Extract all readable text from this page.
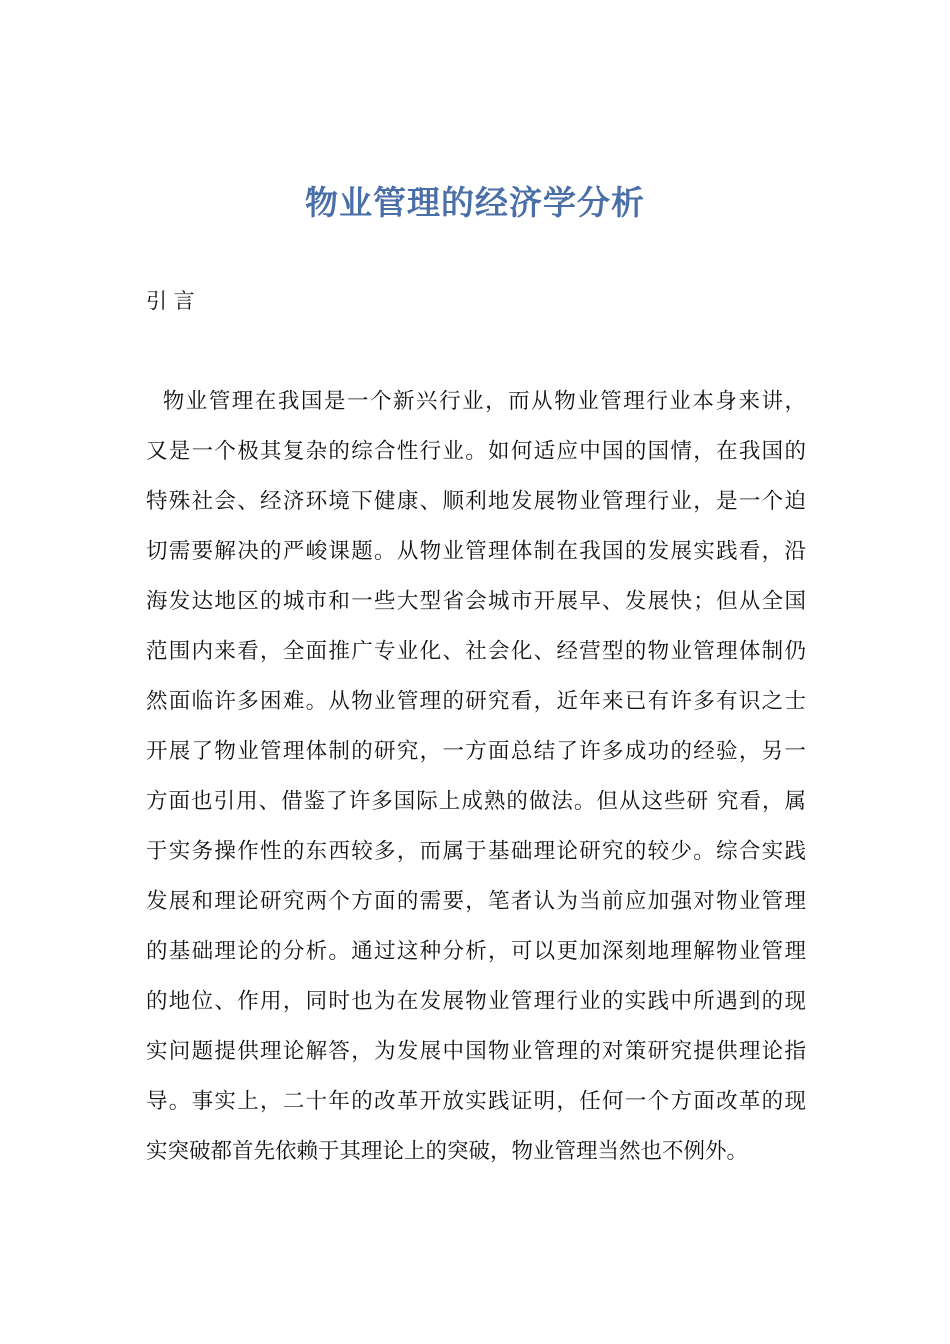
物业管理的经济学分析

引 言

物业管理在我国是一个新兴行业，而从物业管理行业本身来讲，
又是一个极其复杂的综合性行业。如何适应中国的国情，在我国的
特殊社会、经济环境下健康、顺利地发展物业管理行业，是一个迫
切需要解决的严峻课题。从物业管理体制在我国的发展实践看，沿
海发达地区的城市和一些大型省会城市开展早、发展快；但从全国
范围内来看，全面推广专业化、社会化、经营型的物业管理体制仍
然面临许多困难。从物业管理的研究看，近年来已有许多有识之士
开展了物业管理体制的研究，一方面总结了许多成功的经验，另一
方面也引用、借鉴了许多国际上成熟的做法。但从这些研 究看，属
于实务操作性的东西较多，而属于基础理论研究的较少。综合实践
发展和理论研究两个方面的需要，笔者认为当前应加强对物业管理
的基础理论的分析。通过这种分析，可以更加深刻地理解物业管理
的地位、作用，同时也为在发展物业管理行业的实践中所遇到的现
实问题提供理论解答，为发展中国物业管理的对策研究提供理论指
导。事实上，二十年的改革开放实践证明，任何一个方面改革的现
实突破都首先依赖于其理论上的突破，物业管理当然也不例外。
